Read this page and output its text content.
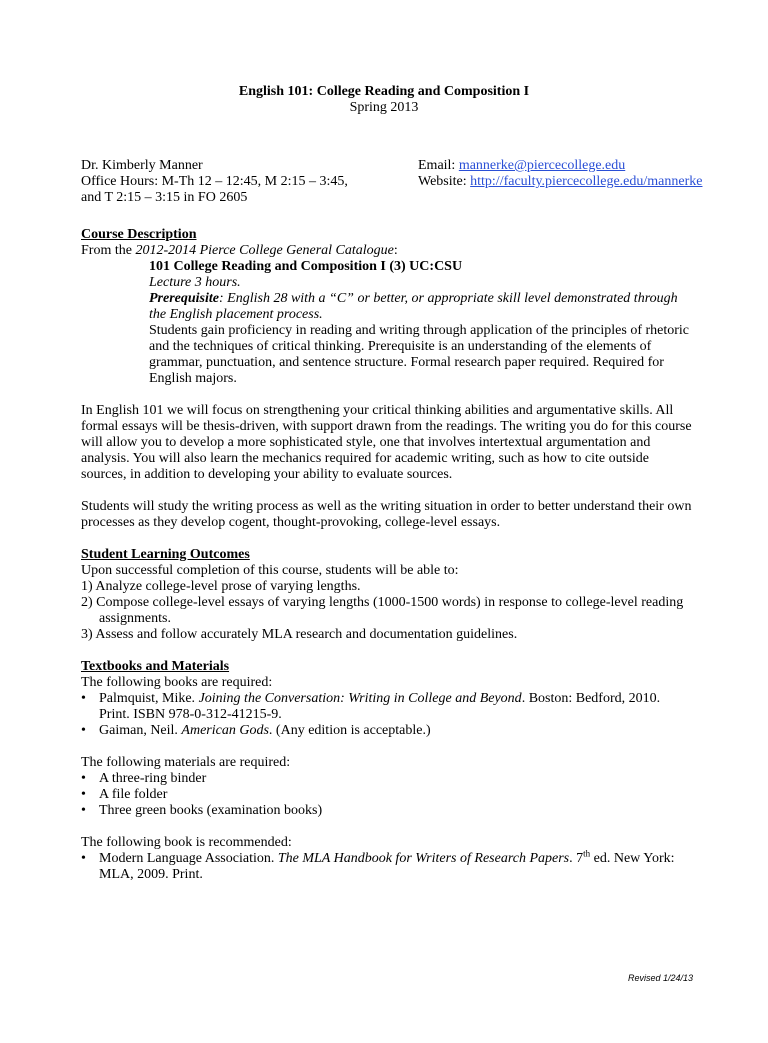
English 101: College Reading and Composition I
Spring 2013
Dr. Kimberly Manner
Office Hours: M-Th 12 – 12:45, M 2:15 – 3:45,
and T 2:15 – 3:15 in FO 2605
Email: mannerke@piercecollege.edu
Website: http://faculty.piercecollege.edu/mannerke
Course Description
From the 2012-2014 Pierce College General Catalogue:
101 College Reading and Composition I (3) UC:CSU
Lecture 3 hours.
Prerequisite: English 28 with a “C” or better, or appropriate skill level demonstrated through the English placement process.
Students gain proficiency in reading and writing through application of the principles of rhetoric and the techniques of critical thinking. Prerequisite is an understanding of the elements of grammar, punctuation, and sentence structure. Formal research paper required. Required for English majors.

In English 101 we will focus on strengthening your critical thinking abilities and argumentative skills. All formal essays will be thesis-driven, with support drawn from the readings. The writing you do for this course will allow you to develop a more sophisticated style, one that involves intertextual argumentation and analysis. You will also learn the mechanics required for academic writing, such as how to cite outside sources, in addition to developing your ability to evaluate sources.

Students will study the writing process as well as the writing situation in order to better understand their own processes as they develop cogent, thought-provoking, college-level essays.

Student Learning Outcomes
Upon successful completion of this course, students will be able to:
1) Analyze college-level prose of varying lengths.
2) Compose college-level essays of varying lengths (1000-1500 words) in response to college-level reading assignments.
3) Assess and follow accurately MLA research and documentation guidelines.
Textbooks and Materials
The following books are required:
• Palmquist, Mike. Joining the Conversation: Writing in College and Beyond. Boston: Bedford, 2010. Print. ISBN 978-0-312-41215-9.
• Gaiman, Neil. American Gods. (Any edition is acceptable.)
The following materials are required:
• A three-ring binder
• A file folder
• Three green books (examination books)
The following book is recommended:
• Modern Language Association. The MLA Handbook for Writers of Research Papers. 7th ed. New York: MLA, 2009. Print.
Revised 1/24/13
